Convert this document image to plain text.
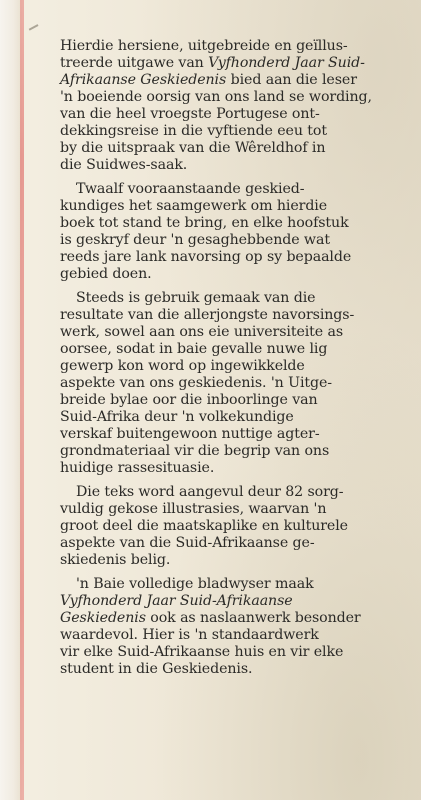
Hierdie hersiene, uitgebreide en geïllus-
treerde uitgawe van Vyfhonderd Jaar Suid-
Afrikaanse Geskiedenis bied aan die leser
'n boeiende oorsig van ons land se wording,
van die heel vroegste Portugese ont-
dekkingsreise in die vyftiende eeu tot
by die uitspraak van die Wêreldhof in
die Suidwes-saak.
Twaalf vooraanstaande geskied-
kundiges het saamgewerk om hierdie
boek tot stand te bring, en elke hoofstuk
is geskryf deur 'n gesaghebbende wat
reeds jare lank navorsing op sy bepaalde
gebied doen.
Steeds is gebruik gemaak van die
resultate van die allerjongste navorsings-
werk, sowel aan ons eie universiteite as
oorsee, sodat in baie gevalle nuwe lig
gewerp kon word op ingewikkelde
aspekte van ons geskiedenis. 'n Uitge-
breide bylae oor die inboorlinge van
Suid-Afrika deur 'n volkekundige
verskaf buitengewoon nuttige agter-
grondmateriaal vir die begrip van ons
huidige rassesituasie.
Die teks word aangevul deur 82 sorg-
vuldig gekose illustrasies, waarvan 'n
groot deel die maatskaplike en kulturele
aspekte van die Suid-Afrikaanse ge-
skiedenis belig.
'n Baie volledige bladwyser maak
Vyfhonderd Jaar Suid-Afrikaanse
Geskiedenis ook as naslaanwerk besonder
waardevol. Hier is 'n standaardwerk
vir elke Suid-Afrikaanse huis en vir elke
student in die Geskiedenis.
